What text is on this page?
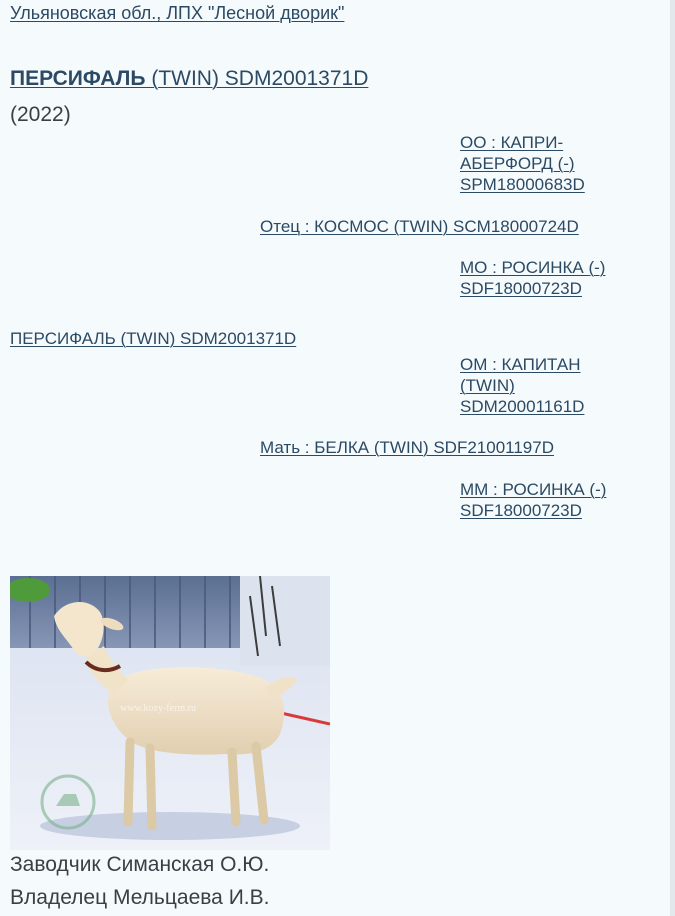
Ульяновская обл., ЛПХ "Лесной дворик"
ПЕРСИФАЛЬ (TWIN) SDM2001371D
(2022)
ОО : КАПРИ-АБЕРФОРД (-) SPM18000683D
Отец : КОСМОС (TWIN) SCM18000724D
МО : РОСИНКА (-) SDF18000723D
ПЕРСИФАЛЬ (TWIN) SDM2001371D
ОМ : КАПИТАН (TWIN) SDM20001161D
Мать : БЕЛКА (TWIN) SDF21001197D
ММ : РОСИНКА (-) SDF18000723D
www.kozy-ferm.ru
Заводчик Симанская О.Ю.
Владелец Мельцаева И.В.
